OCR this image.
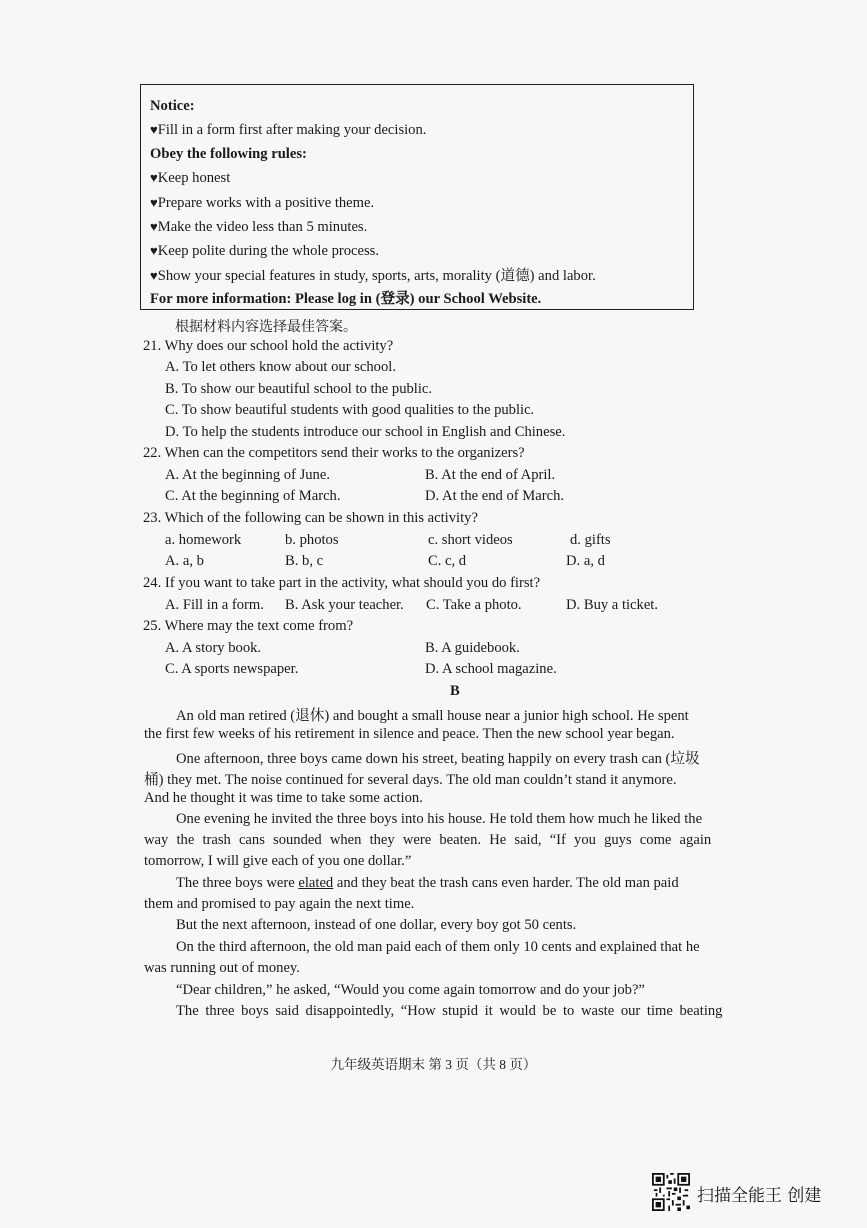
Notice:
♥Fill in a form first after making your decision.
Obey the following rules:
♥Keep honest
♥Prepare works with a positive theme.
♥Make the video less than 5 minutes.
♥Keep polite during the whole process.
♥Show your special features in study, sports, arts, morality (道德) and labor.
For more information: Please log in (登录) our School Website.
根据材料内容选择最佳答案。
21. Why does our school hold the activity?
A. To let others know about our school.
B. To show our beautiful school to the public.
C. To show beautiful students with good qualities to the public.
D. To help the students introduce our school in English and Chinese.
22. When can the competitors send their works to the organizers?
A. At the beginning of June.	B. At the end of April.
C. At the beginning of March.	D. At the end of March.
23. Which of the following can be shown in this activity?
a. homework	b. photos	c. short videos	d. gifts
A. a, b	B. b, c	C. c, d	D. a, d
24. If you want to take part in the activity, what should you do first?
A. Fill in a form. B. Ask your teacher. C. Take a photo.	D. Buy a ticket.
25. Where may the text come from?
A. A story book.	B. A guidebook.
C. A sports newspaper.	D. A school magazine.
B
An old man retired (退休) and bought a small house near a junior high school. He spent
the first few weeks of his retirement in silence and peace. Then the new school year began.
One afternoon, three boys came down his street, beating happily on every trash can (垃圾
桶) they met. The noise continued for several days. The old man couldn’t stand it anymore.
And he thought it was time to take some action.
One evening he invited the three boys into his house. He told them how much he liked the
way the trash cans sounded when they were beaten. He said, “If you guys come again
tomorrow, I will give each of you one dollar.”
The three boys were elated and they beat the trash cans even harder. The old man paid
them and promised to pay again the next time.
But the next afternoon, instead of one dollar, every boy got 50 cents.
On the third afternoon, the old man paid each of them only 10 cents and explained that he
was running out of money.
“Dear children,” he asked, “Would you come again tomorrow and do your job?”
The three boys said disappointedly, “How stupid it would be to waste our time beating
九年级英语期末 第 3 页（共 8 页）
扫描全能王 创建
